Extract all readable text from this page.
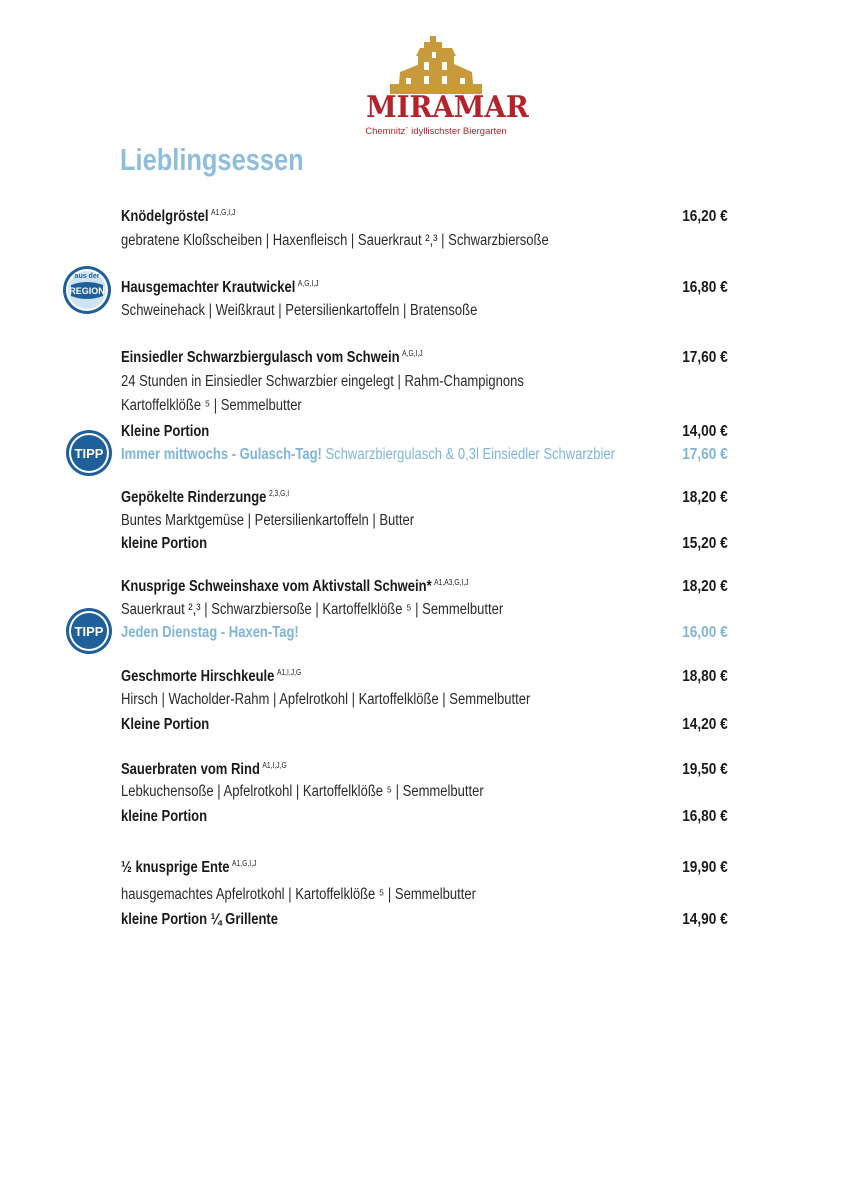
MIRAMAR
Chemnitz´ idyllischster Biergarten
Lieblingsessen
aus der
REGION
TIPP
TIPP
Knödelgröstel $^{A1,G,I,J}$	16,20 €
gebratene Kloßscheiben | Haxenfleisch | Sauerkraut ²,³ | Schwarzbiersoße
Hausgemachter Krautwickel $^{A,G,I,J}$	16,80 €
Schweinehack | Weißkraut | Petersilienkartoffeln | Bratensoße
Einsiedler Schwarzbiergulasch vom Schwein $^{A,G,I,J}$	17,60 €
24 Stunden in Einsiedler Schwarzbier eingelegt | Rahm-Champignons
Kartoffelklöße ⁵ | Semmelbutter
Kleine Portion	14,00 €
Immer mittwochs - Gulasch-Tag! Schwarzbiergulasch & 0,3l Einsiedler Schwarzbier	17,60 €
Gepökelte Rinderzunge $^{2,3,G,I}$	18,20 €
Buntes Marktgemüse | Petersilienkartoffeln | Butter
kleine Portion	15,20 €
Knusprige Schweinshaxe vom Aktivstall Schwein* $^{A1,A3,G,I,J}$	18,20 €
Sauerkraut ²,³ | Schwarzbiersoße | Kartoffelklöße ⁵ | Semmelbutter
Jeden Dienstag - Haxen-Tag!	16,00 €
Geschmorte Hirschkeule $^{A1,I,J,G}$	18,80 €
Hirsch | Wacholder-Rahm | Apfelrotkohl | Kartoffelklöße | Semmelbutter
Kleine Portion	14,20 €
Sauerbraten vom Rind $^{A1,I,J,G}$	19,50 €
Lebkuchensoße | Apfelrotkohl | Kartoffelklöße ⁵ | Semmelbutter
kleine Portion	16,80 €
½ knusprige Ente $^{A1,G,I,J}$	19,90 €
hausgemachtes Apfelrotkohl | Kartoffelklöße ⁵ | Semmelbutter
kleine Portion ¼ Grillente	14,90 €
